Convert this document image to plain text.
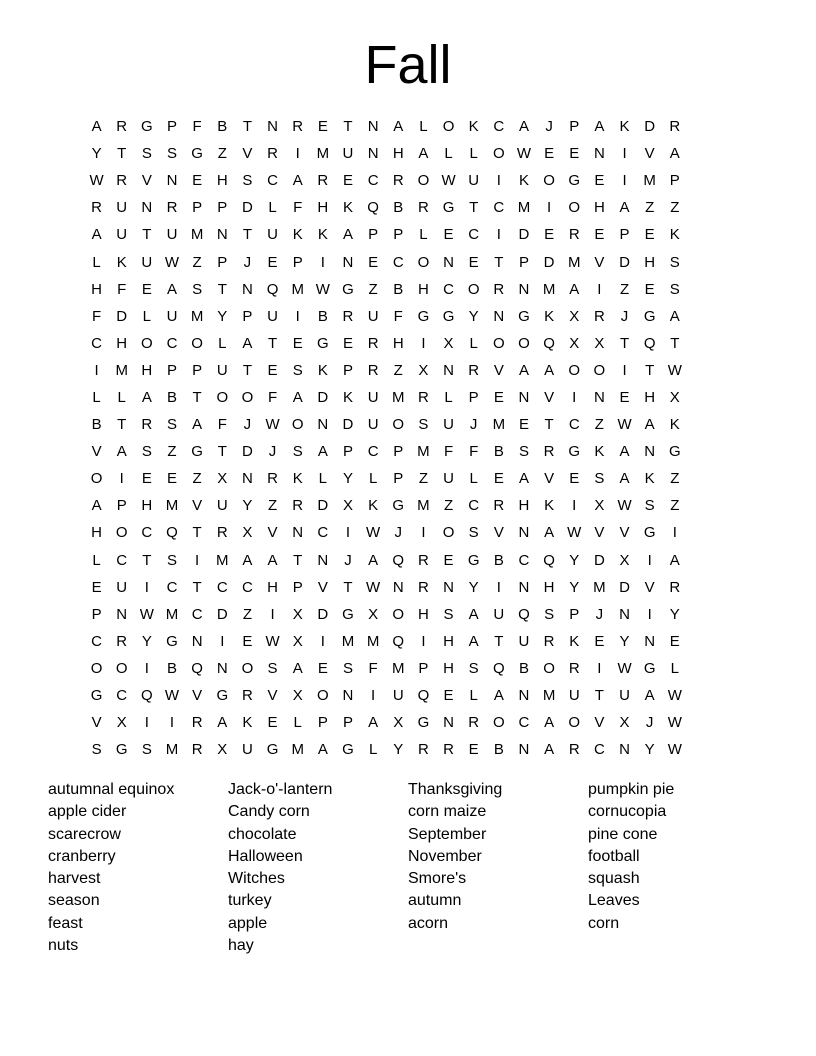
Fall
A R G P	F	B	T	N R E	T	N A	L	O K C A	J	P	A	K D R
Y	T	S	S G Z	V R	I	M U N H A	L	L	O W E	E N	I	V	A
W R V N E H S C A R E C R O W U	I	K O G E	I	M P
R U N R P	P D	L	F	H K Q B R G T	C M	I	O H A	Z	Z
A U	T	U M N	T	U K	K	A	P	P	L	E C	I	D E R E	P	E	K
L	K U W Z	P	J	E	P	I	N E C O N E	T	P D M V D H S
H	F	E	A	S	T	N Q M W G Z	B H C O R N M A	I	Z	E	S
F	D	L	U M Y	P U	I	B R U	F G G Y N G K	X R	J	G A
C H O C O	L	A	T	E G E R H	I	X	L	O O Q X	X	T Q T
I	M H P	P U	T	E	S	K	P R	Z	X N R V	A	A O O	I	T W
L	L	A	B	T O O F	A D K U M R	L	P	E N V	I	N E H X
B	T	R S	A	F	J W O N D U O S U	J	M E	T	C	Z W A	K
V	A	S	Z G T	D	J	S	A	P C P M F	F	B	S R G K	A N G
O	I	E	E	Z	X N R K	L	Y	L	P	Z	U	L	E	A	V	E	S	A	K	Z
A	P H M V U Y	Z	R D X	K G M Z	C R H K	I	X W S	Z
H O C Q T	R X	V N C	I	W J	I	O S	V N A W V	V G	I
L	C	T	S	I	M A	A	T	N	J	A Q R E G B C Q Y D X	I	A
E U	I	C	T	C C H P	V	T W N R N Y	I	N H Y M D V R
P N W M C D	Z	I	X D G X O H S	A U Q S	P	J	N	I	Y
C R Y G N	I	E W X	I	M M Q	I	H A	T	U R K	E	Y N E
O O	I	B Q N O S	A	E	S	F M P H S Q B O R	I	W G	L
G C Q W V G R V	X O N	I	U Q E	L	A N M U	T	U A W
V	X	I	I	R A	K	E	L	P	P	A	X G N R O C A O V	X	J W
S G S M R X U G M A G	L	Y R R E	B N A R C N Y W
autumnal equinox
apple cider
scarecrow
cranberry
harvest
season
feast
nuts
Jack-o'-lantern
Candy corn
chocolate
Halloween
Witches
turkey
apple
hay
Thanksgiving
corn maize
September
November
Smore's
autumn
acorn
pumpkin pie
cornucopia
pine cone
football
squash
Leaves
corn
